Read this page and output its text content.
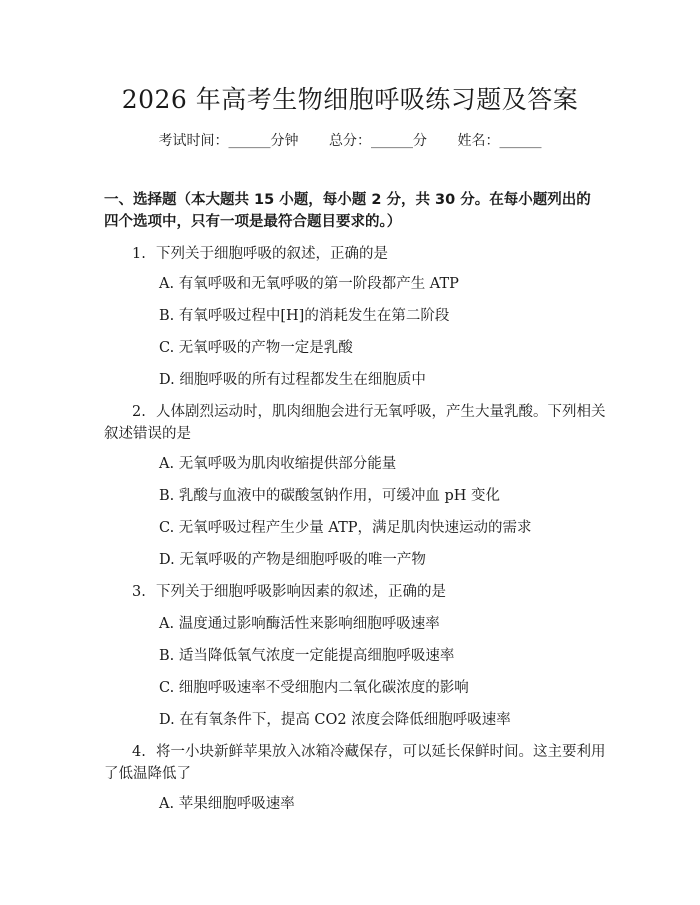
2026 年高考生物细胞呼吸练习题及答案
考试时间：______分钟 总分：______分 姓名：______
一、选择题（本大题共 15 小题，每小题 2 分，共 30 分。在每小题列出的四个选项中，只有一项是最符合题目要求的。）
1. 下列关于细胞呼吸的叙述，正确的是
A. 有氧呼吸和无氧呼吸的第一阶段都产生 ATP
B. 有氧呼吸过程中[H]的消耗发生在第二阶段
C. 无氧呼吸的产物一定是乳酸
D. 细胞呼吸的所有过程都发生在细胞质中
2. 人体剧烈运动时，肌肉细胞会进行无氧呼吸，产生大量乳酸。下列相关叙述错误的是
A. 无氧呼吸为肌肉收缩提供部分能量
B. 乳酸与血液中的碳酸氢钠作用，可缓冲血 pH 变化
C. 无氧呼吸过程产生少量 ATP，满足肌肉快速运动的需求
D. 无氧呼吸的产物是细胞呼吸的唯一产物
3. 下列关于细胞呼吸影响因素的叙述，正确的是
A. 温度通过影响酶活性来影响细胞呼吸速率
B. 适当降低氧气浓度一定能提高细胞呼吸速率
C. 细胞呼吸速率不受细胞内二氧化碳浓度的影响
D. 在有氧条件下，提高 CO2 浓度会降低细胞呼吸速率
4. 将一小块新鲜苹果放入冰箱冷藏保存，可以延长保鲜时间。这主要利用了低温降低了
A. 苹果细胞呼吸速率
